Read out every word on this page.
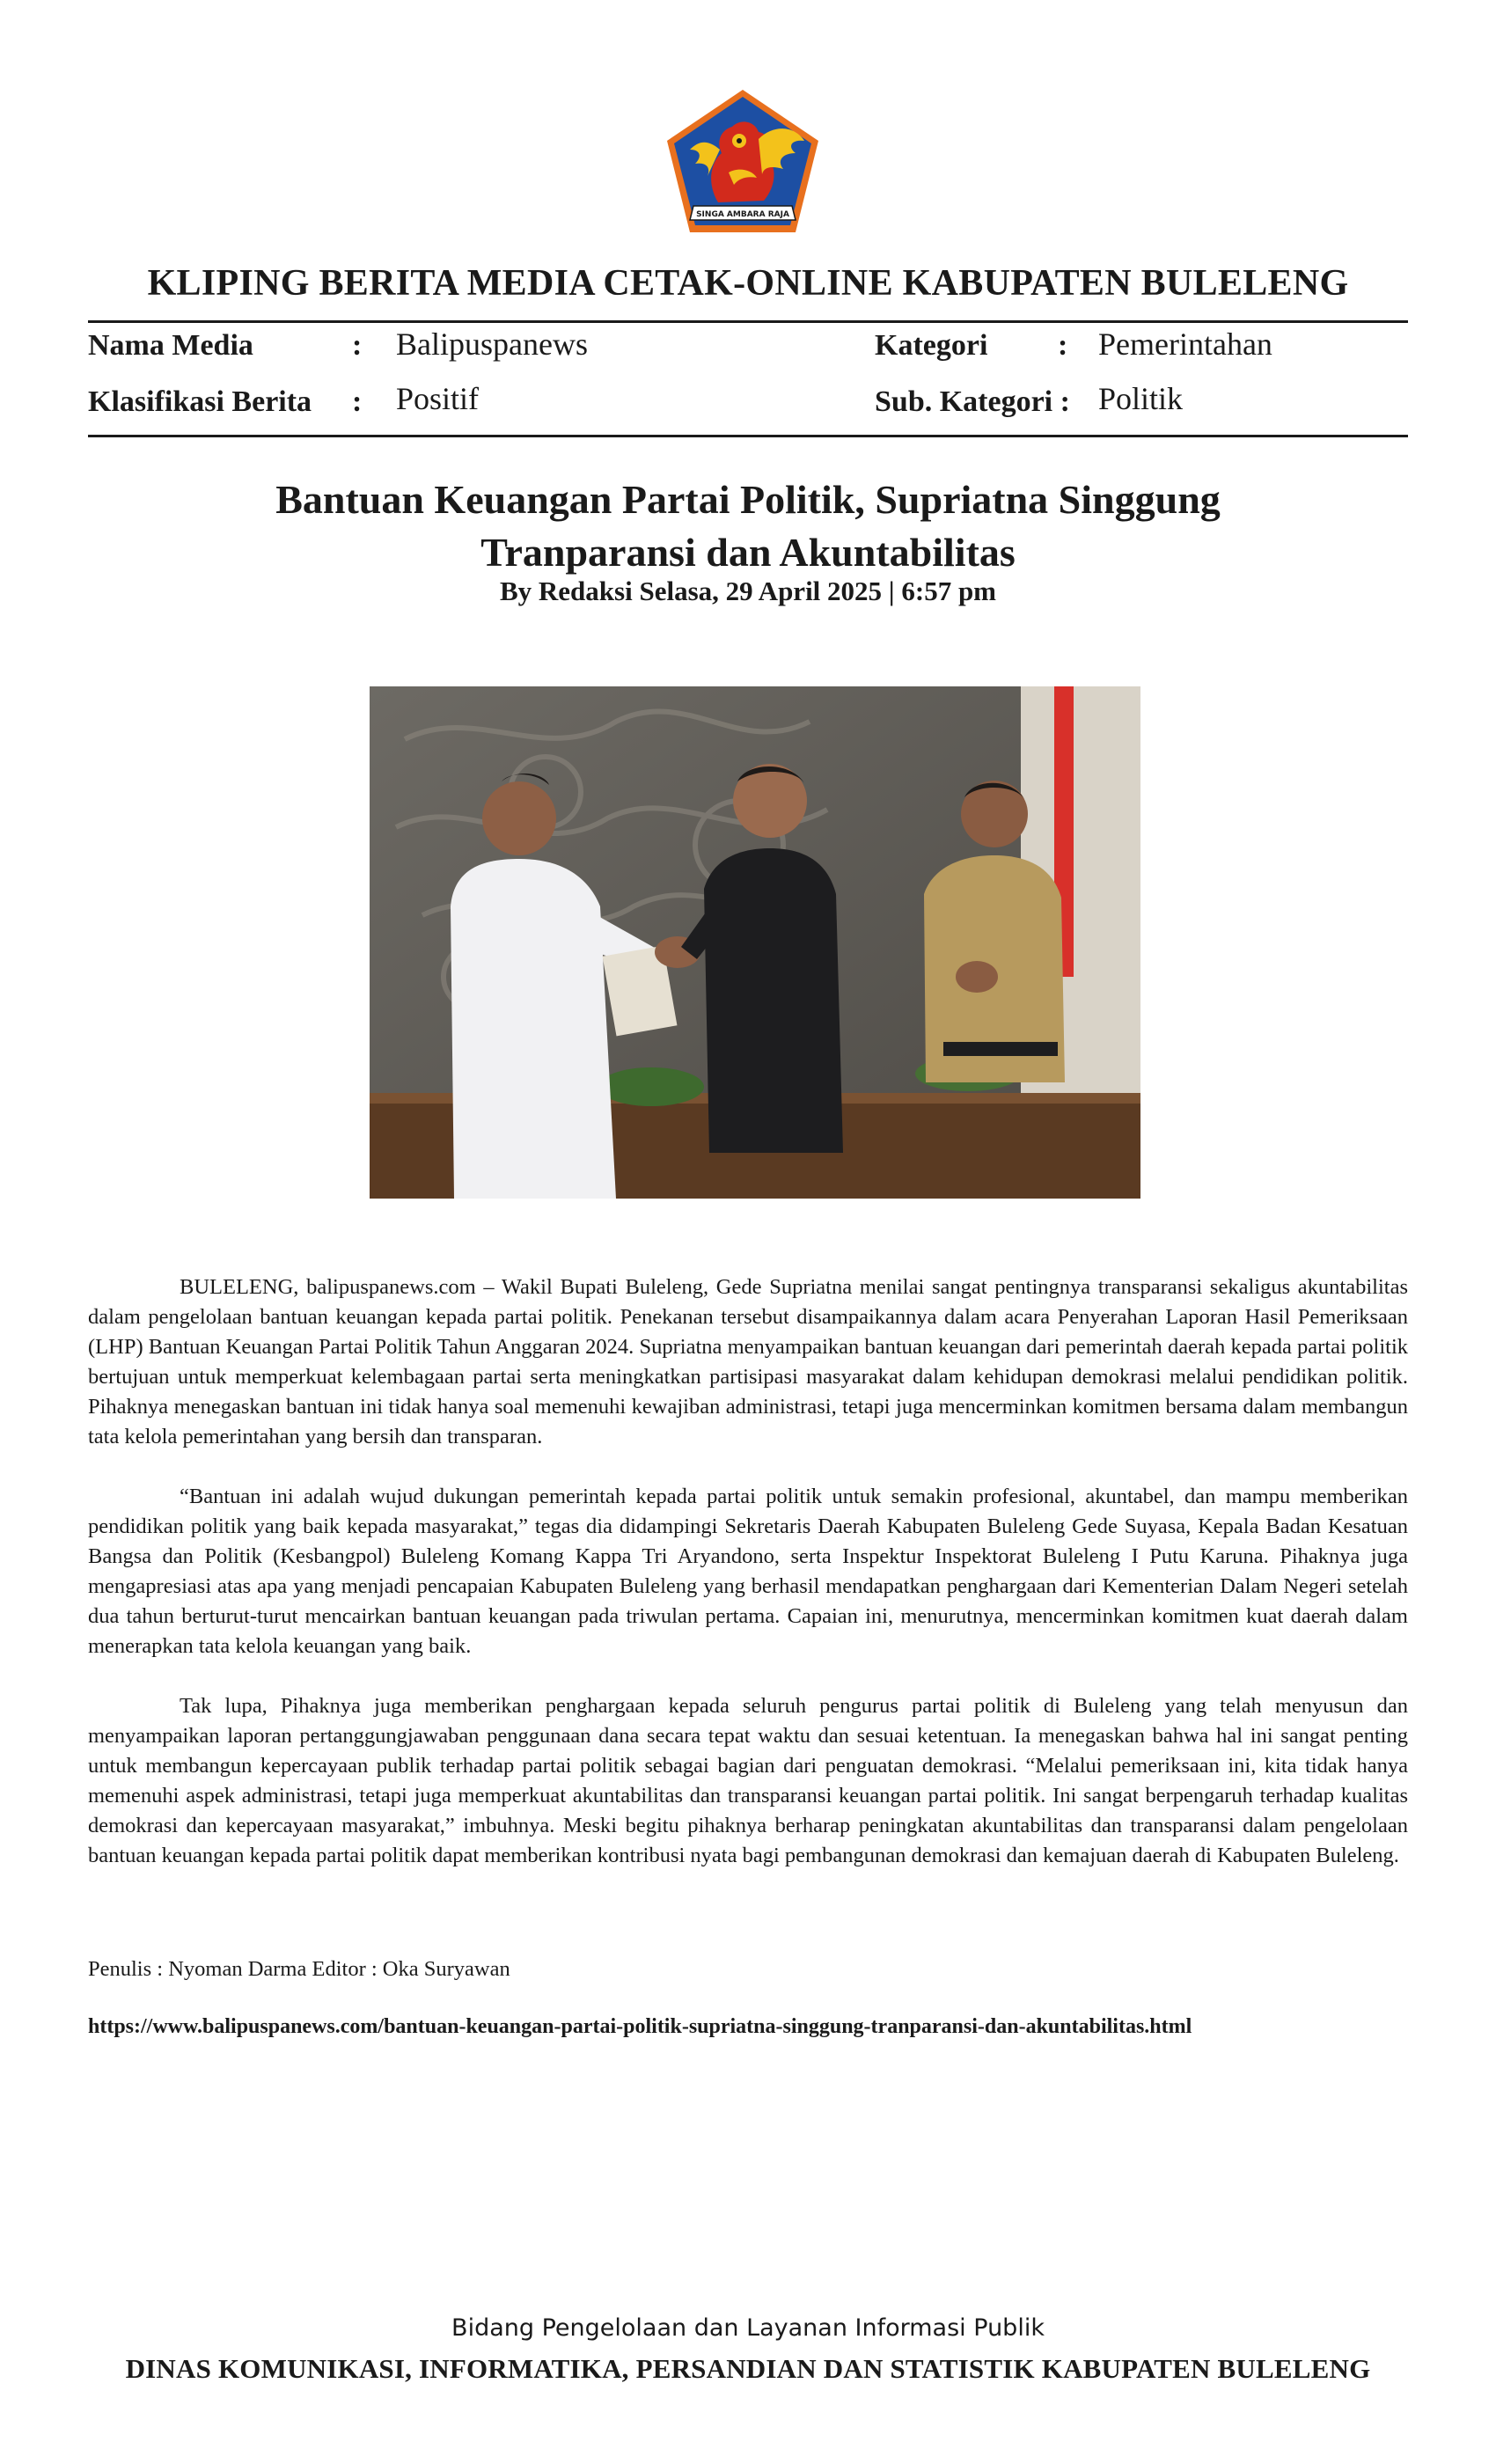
SINGA AMBARA RAJA
KLIPING BERITA MEDIA CETAK-ONLINE KABUPATEN BULELENG
Nama Media	: Balipuspanews	Kategori : Pemerintahan
Klasifikasi Berita : Positif	Sub. Kategori : Politik
Bantuan Keuangan Partai Politik, Supriatna Singgung
Tranparansi dan Akuntabilitas
By Redaksi Selasa, 29 April 2025 | 6:57 pm

BULELENG, balipuspanews.com – Wakil Bupati Buleleng, Gede Supriatna menilai sangat pentingnya transparansi sekaligus akuntabilitas dalam pengelolaan bantuan keuangan kepada partai politik. Penekanan tersebut disampaikannya dalam acara Penyerahan Laporan Hasil Pemeriksaan (LHP) Bantuan Keuangan Partai Politik Tahun Anggaran 2024. Supriatna menyampaikan bantuan keuangan dari pemerintah daerah kepada partai politik bertujuan untuk memperkuat kelembagaan partai serta meningkatkan partisipasi masyarakat dalam kehidupan demokrasi melalui pendidikan politik. Pihaknya menegaskan bantuan ini tidak hanya soal memenuhi kewajiban administrasi, tetapi juga mencerminkan komitmen bersama dalam membangun tata kelola pemerintahan yang bersih dan transparan.

“Bantuan ini adalah wujud dukungan pemerintah kepada partai politik untuk semakin profesional, akuntabel, dan mampu memberikan pendidikan politik yang baik kepada masyarakat,” tegas dia didampingi Sekretaris Daerah Kabupaten Buleleng Gede Suyasa, Kepala Badan Kesatuan Bangsa dan Politik (Kesbangpol) Buleleng Komang Kappa Tri Aryandono, serta Inspektur Inspektorat Buleleng I Putu Karuna. Pihaknya juga mengapresiasi atas apa yang menjadi pencapaian Kabupaten Buleleng yang berhasil mendapatkan penghargaan dari Kementerian Dalam Negeri setelah dua tahun berturut-turut mencairkan bantuan keuangan pada triwulan pertama. Capaian ini, menurutnya, mencerminkan komitmen kuat daerah dalam menerapkan tata kelola keuangan yang baik.

Tak lupa, Pihaknya juga memberikan penghargaan kepada seluruh pengurus partai politik di Buleleng yang telah menyusun dan menyampaikan laporan pertanggungjawaban penggunaan dana secara tepat waktu dan sesuai ketentuan. Ia menegaskan bahwa hal ini sangat penting untuk membangun kepercayaan publik terhadap partai politik sebagai bagian dari penguatan demokrasi. “Melalui pemeriksaan ini, kita tidak hanya memenuhi aspek administrasi, tetapi juga memperkuat akuntabilitas dan transparansi keuangan partai politik. Ini sangat berpengaruh terhadap kualitas demokrasi dan kepercayaan masyarakat,” imbuhnya. Meski begitu pihaknya berharap peningkatan akuntabilitas dan transparansi dalam pengelolaan bantuan keuangan kepada partai politik dapat memberikan kontribusi nyata bagi pembangunan demokrasi dan kemajuan daerah di Kabupaten Buleleng.

Penulis : Nyoman Darma Editor : Oka Suryawan
https://www.balipuspanews.com/bantuan-keuangan-partai-politik-supriatna-singgung-tranparansi-dan-akuntabilitas.html
Bidang Pengelolaan dan Layanan Informasi Publik
DINAS KOMUNIKASI, INFORMATIKA, PERSANDIAN DAN STATISTIK KABUPATEN BULELENG
